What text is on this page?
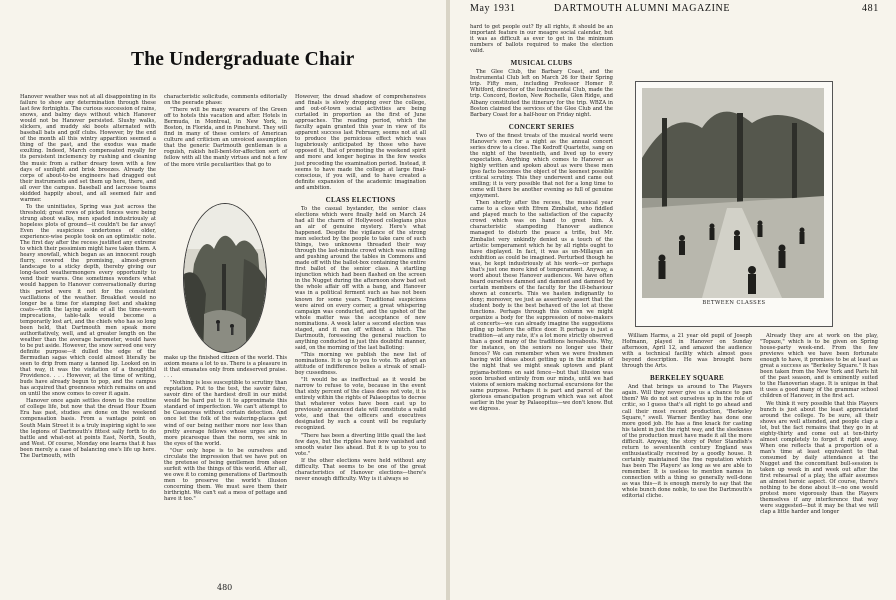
The Undergraduate Chair

Hanover weather was not at all disappointing in its failure to show any determination through these last few fortnights. The curious succession of rains, snows, and balmy days without which Hanover would not be Hanover persisted. Slushy walks, slickers, and muddy ski boots alternated with baseball bats and golf clubs. However, by the end of the month all this wintry apparition seemed a thing of the past, and the exodus was made exulting. Indeed, March compensated royally for its persistent inclemency by rushing and cleaning the music from a rather dreary town with a few days of sunlight and brisk breezes. Already the corps of about-to-be engineers had dragged out their instruments and set them up here, there, and all over the campus. Baseball and lacrosse teams skidded happily about, and all seemed fair and warmer.

To the uninitiates, Spring was just across the threshold; great rows of picket fences were being strung about walks, men spaded industriously at hopeless plots of ground—it couldn't be far away! Even the suspicious undertones of older, experience-wise people took on an optimistic note. The first day after the recess justified any extreme to which their pessimism might have taken them. A heavy snowfall, which began as an innocent rough flurry, covered the promising, almost-green landscape to a sticky depth, thereby giving our long-faced weathermongers every opportunity to vend their wares. One sometimes wonders what would happen to Hanover conversationally during this period were it not for the consistent vacillations of the weather. Breakfast would no longer be a time for stamping feet and shaking coats—with the laying aside of all the time-worn imprecations, table-talk would become a temporarily lost art, and the chiefs who has so long been held, that Dartmouth men speak more authoritatively, well, and at greater length on the weather than the average barometer, would have to be put aside. However, the snow served one very definite purpose—it dulled the edge of the Bermudian sagas which could almost literally be seen to drip from many a tanned lip. Looked on in that way, it was the visitation of a thoughtful Providence. . . . However, at the time of writing, buds have already begun to pop, and the campus has acquired that greenness which remains on and on until the snow comes to cover it again.

Hanover once again settles down to the routine of college life, but now that the dread Hour Exam Era has past, studies are done on the weekend compensation basis. From a vantage point on South Main Street it is a truly inspiring sight to see the legions of Dartmouth's fittest sally forth to do battle and what-not at points East, North, South, and West. Of course, Monday one learns that it has been merely a case of balancing one's life up here. The Dartmouth, with

characteristic solicitude, comments editorially on the peerade phase:

"There will be many wearers of the Green off to hotels this vacation and after. Hotels in Bermuda, in Montreal, in New York, in Boston, in Florida, and in Pinehurst. They will find in many of these centers of American culture and criticism an unvoiced assumption that the generic Dartmouth gentleman is a roguish, rakish hell-bent-for-affection sort of fellow with all the manly virtues and not a few of the more virile peculiarities that go to

make up the finished citizen of the world. This axiom means a lot to us. There is a pleasure in it that emanates only from undeserved praise. . . .

"Nothing is less susceptible to scrutiny than reputation. Put to the test, the savoir faire, savoir dire of the hardiest droll in our midst would be hard put to it to approximate this standard of imperfection. We can't attempt to be Casanovas without certain detection. And once let the folk of the watering-places get wind of our being neither more nor less than pretty average fellows whose urges are no more picaresque than the norm, we sink in the eyes of the world.

"Our only hope is to be ourselves and circulate the impression that we have put on the pretense of being gentlemen from sheer surfeit with the things of this world. After all, we owe it to coming generations of Dartmouth men to preserve the world's illusion concerning them. We must save them their birthright. We can't eat a mess of pottage and have it too."

However, the dread shadow of comprehensives and finals is slowly dropping over the college, and out-of-town social activities are being curtailed in proportion as the first of June approaches. The reading period, which the faculty again granted this year in view of its apparent success last February, seems not at all to produce the pernicious effect which was lugubriously anticipated by those who have opposed it, that of promoting the weekend spirit and more and longer hegiras in the few weeks just preceding the examination period. Instead, it seems to have made the college at large final-conscious, if you will, and to have created a definite expansion of the academic imagination and ambition.

CLASS ELECTIONS

To the casual bystander, the senior class elections which were finally held on March 24 had all the charm of Hollywood collegians plus an air of genuine mystery. Here's what happened. Despite the vigilance of the strong men selected by the people to take care of such things, two unknowns threaded their way through the last-minute crowd which was milling and pushing around the tables in Commons and made off with the ballot-box containing the entire first ballot of the senior class. A startling injunction which had been flashed on the screen in the Nugget during the afternoon show bad set the whole affair off with a bang, and Hanover was in a political ferment such as has not been known for some years. Traditional suspicions were aired on every corner, a great whispering campaign was conducted, and the upshot of the whole matter was the acceptance of new nominations. A week later a second election was staged, and it ran off without a hitch. The Dartmouth, foreseeing the general reaction to anything conducted in just this doubtful manner, said, on the morning of the last balloting:

"This morning we publish the new list of nominations. It is up to you to vote. To adopt an attitude of indifference belies a streak of small-boy cussedness.

"It would be as ineffectual as it would be narrow to refuse to vote, because in the event that sixty percent of the class does not vote, it is entirely within the rights of Palaeopitus to decree that whatever votes have been cast up to previously announced date will constitute a valid vote, and that the officers and executives designated by such a count will be regularly recognized.

"There has been a diverting little quail the last few days, but the ripples have now vanished and smooth water lies ahead. But it is up to you to vote."

If the other elections were held without any difficulty. That seems to be one of the great characteristics of Hanover elections—there's never enough difficulty. Why is it always so

480
May 1931	DARTMOUTH ALUMNI MAGAZINE	481

hard to get people out? By all rights, it should be an important feature in our meagre social calendar, but it was as difficult as ever to get in the minimum numbers of ballots required to make the election valid.

MUSICAL CLUBS

The Glee Club, the Barbary Coast, and the Instrumental Club left on March 26 for their Spring trip. Fifty men, including Professor Homer P. Whitford, director of the Instrumental Club, made the trip. Concord, Boston, New Rochelle, Glen Ridge, and Albany constituted the itinerary for the trip. WBZA in Boston claimed the services of the Glee Club and the Barbary Coast for a half-hour on Friday night.

CONCERT SERIES

Two of the finest treats of the musical world were Hanover's own for a night as the annual concert series drew to a close. The Kedroff Quartette, sang on the night of the twentieth, and lived up to every expectation. Anything which comes to Hanover as highly written and spoken about as were these men ipso facto becomes the object of the keenest possible critical scrutiny. This they underwent and came out smiling; it is very possible that not for a long time to come will there be another evening so full of genuine enjoyment.

Then shortly after the recess, the musical year came to a close with Efrem Zimbalist, who fiddled and played much to the satisfaction of the capacity crowd which was on hand to greet him. A characteristic stampeding Hanover audience managed to disturb the peace a trifle, but Mr. Zimbalist very unkindly denied us a touch of the artistic temperament which he by all rights ought to have displayed. In fact, it was as un-Millayan an exhibition as could be imagined. Perturbed though he was, he kept industriously at his work—or perhaps that's just one more kind of temperament. Anyway, a word about these Hanover audiences. We have often heard ourselves damned and damned and damned by certain members of the faculty for the ill-behaviour shown at concerts. This we hasten indignantly to deny; moreover, we just as assertively assert that the student body is the best behaved of the lot at these functions. Perhaps through this column we might organize a body for the suppression of noise-makers at concerts—we can already imagine the suggestions piling up before the office door. It perhaps is just a tradition—at any rate, it's a lot more strictly observed than a good many of the traditions hereabouts. Why, for instance, on the seniors no longer use their fences? We can remember when we were freshmen having wild ideas about getting up in the middle of the night that we might sneak uptown and plant pyjama-bottoms on said fence—but that illusion was soon brushed entirely from our minds, until we had visions of seniors making nocturnal excursions for the same purpose. Perhaps it is part and parcel of the glorious emancipation program which was set afoot earlier in the year by Palaeopitus—we don't know. But we digress.

William Harms, a 21 year old pupil of Joseph Hofmann, played in Hanover on Sunday afternoon, April 12, and amazed the audience with a technical facility which almost goes beyond description. He was brought here through the Arts.

BERKELEY SQUARE

And that brings us around to The Players again. Will they never give us a chance to pan them? We do not set ourselves up in the role of critic, so I guess that's all right to go ahead and call their most recent production, "Berkeley Square," swell. Warner Bentley has done one more good job. He has a fine knack for casting his talent in just the right way, and the sleekness of the production must have made it all the more difficult. Anyway, the story of Peter Standish's return to seventeenth century England was enthusiastically received by a goodly house. It certainly maintained the fine reputation which has been The Players' as long as we are able to remember. It is useless to mention names in connection with a thing so generally well-done as was this—it is enough merely to say that the whole bunch done noble, to use the Dartmouth's editorial cliche.

Already they are at work on the play, "Topaze," which is to be given on Spring house-party week-end. From the few previews which we have been fortunate enough to have, it promises to be at least as great a success as "Berkeley Square." It has been taken from the New York and Paris hit of the past season, and is eminently suited to the Hanoverian stage. It is unique in that it uses a good many of the grammar school children of Hanover, in the first act.

We think it very possible that this Players bunch is just about the least appreciated around the college. To be sure, all their shows are well attended, and people clap a lot, but the fact remains that they go in at eighty-thirty and come out at ten-thirty almost completely to forget it right away. When one reflects that a proportion of a man's time at least equivalent to that consumed by daily attendance at the Nugget and the concomitant bull-session is taken up week in and week out after the first rehearsal of a play, the affair assumes an almost heroic aspect. Of course, there's nothing to be done about it—no one would protest more vigorously than the Players themselves if any interference that way were suggested—but it may be that we will clap a little harder and longer

BETWEEN CLASSES
